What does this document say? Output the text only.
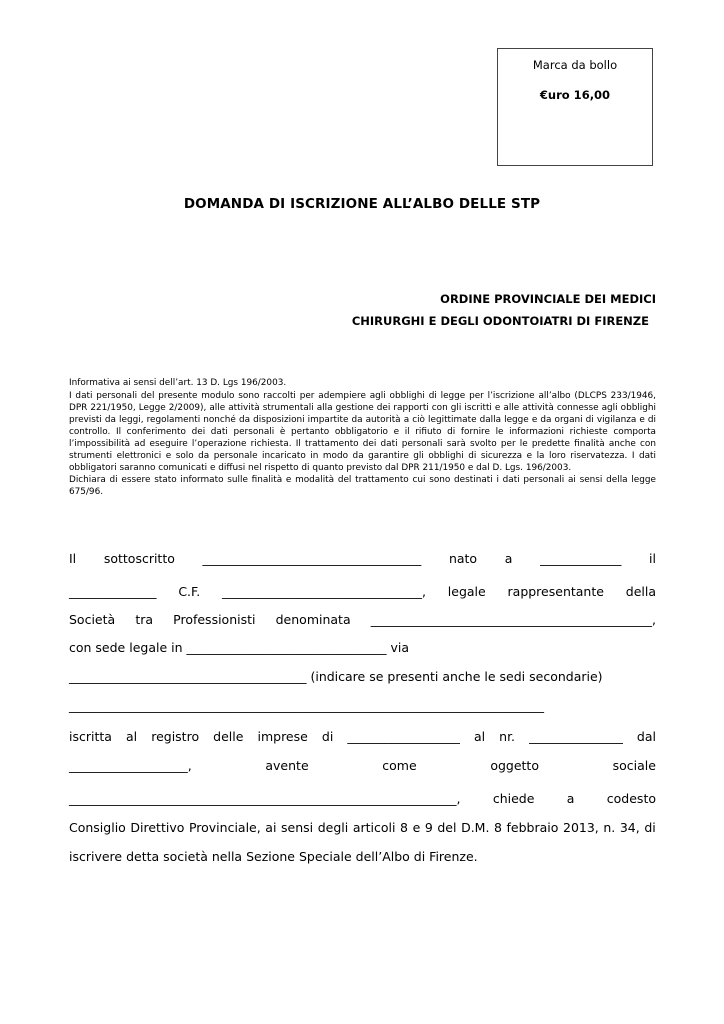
Marca da bollo
€uro 16,00
DOMANDA DI ISCRIZIONE ALL’ALBO DELLE STP
ORDINE PROVINCIALE DEI MEDICI
CHIRURGHI E DEGLI ODONTOIATRI DI FIRENZE

Informativa ai sensi dell’art. 13 D. Lgs 196/2003.

I dati personali del presente modulo sono raccolti per adempiere agli obblighi di legge per l’iscrizione all’albo (DLCPS 233/1946, DPR 221/1950, Legge 2/2009), alle attività strumentali alla gestione dei rapporti con gli iscritti e alle attività connesse agli obblighi previsti da leggi, regolamenti nonché da disposizioni impartite da autorità a ciò legittimate dalla legge e da organi di vigilanza e di controllo. Il conferimento dei dati personali è pertanto obbligatorio e il rifiuto di fornire le informazioni richieste comporta l’impossibilità ad eseguire l’operazione richiesta. Il trattamento dei dati personali sarà svolto per le predette finalità anche con strumenti elettronici e solo da personale incaricato in modo da garantire gli obblighi di sicurezza e la loro riservatezza. I dati obbligatori saranno comunicati e diffusi nel rispetto di quanto previsto dal DPR 211/1950 e dal D. Lgs. 196/2003.

Dichiara di essere stato informato sulle finalità e modalità del trattamento cui sono destinati i dati personali ai sensi della legge 675/96.

Il sottoscritto ___________________________________ nato a _____________ il
______________ C.F. ________________________________, legale rappresentante della
Società tra Professionisti denominata _____________________________________________,
con sede legale in ________________________________ via
______________________________________ (indicare se presenti anche le sedi secondarie)
____________________________________________________________________________
iscritta al registro delle imprese di __________________ al nr. _______________ dal
___________________,	avente	come	oggetto	sociale
______________________________________________________________,	chiede	a	codesto
Consiglio Direttivo Provinciale, ai sensi degli articoli 8 e 9 del D.M. 8 febbraio 2013, n. 34, di
iscrivere detta società nella Sezione Speciale dell’Albo di Firenze.
